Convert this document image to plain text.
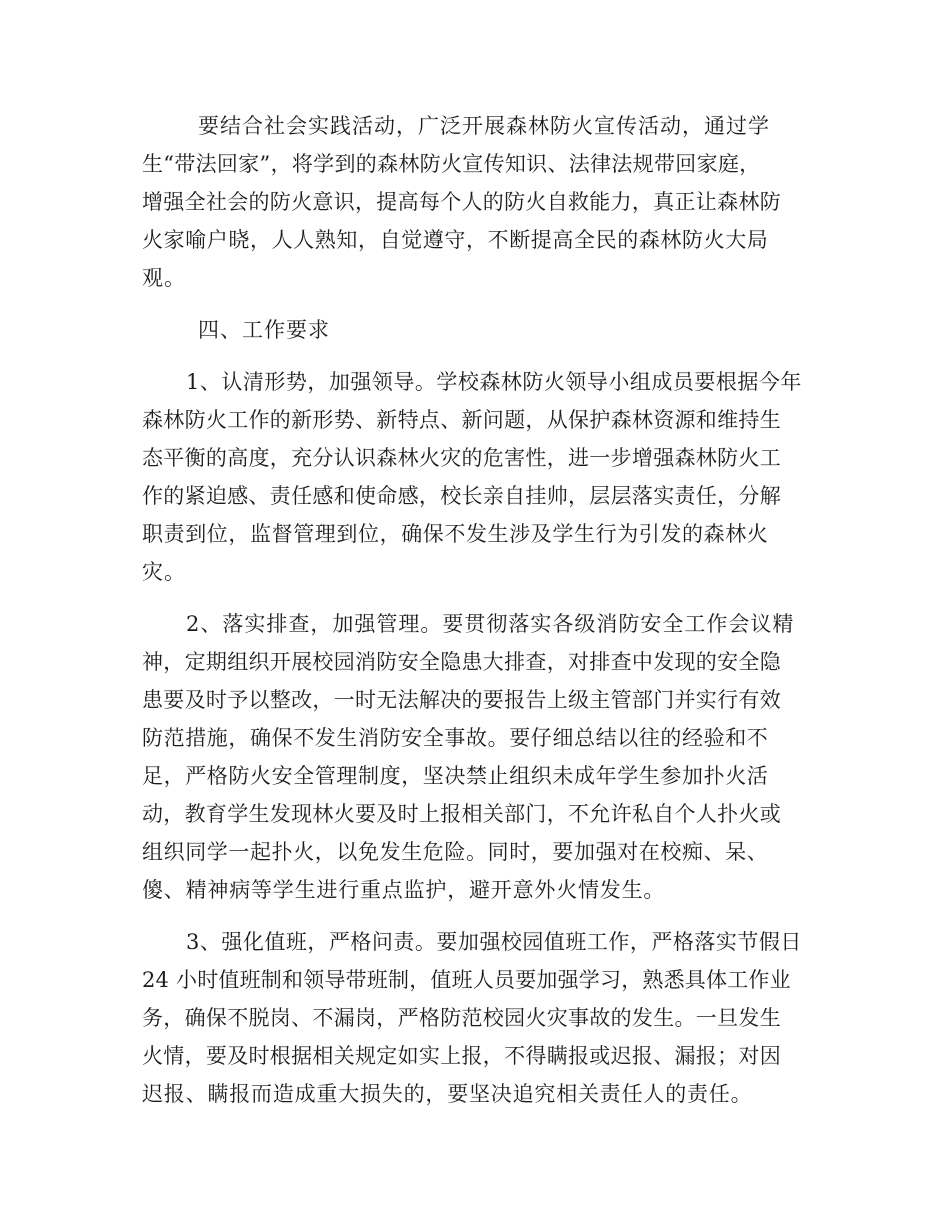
要结合社会实践活动，广泛开展森林防火宣传活动，通过学
生“带法回家”，将学到的森林防火宣传知识、法律法规带回家庭，
增强全社会的防火意识，提高每个人的防火自救能力，真正让森林防
火家喻户晓，人人熟知，自觉遵守，不断提高全民的森林防火大局
观。
四、工作要求
1、认清形势，加强领导。学校森林防火领导小组成员要根据今年
森林防火工作的新形势、新特点、新问题，从保护森林资源和维持生
态平衡的高度，充分认识森林火灾的危害性，进一步增强森林防火工
作的紧迫感、责任感和使命感，校长亲自挂帅，层层落实责任，分解
职责到位，监督管理到位，确保不发生涉及学生行为引发的森林火
灾。
2、落实排查，加强管理。要贯彻落实各级消防安全工作会议精
神，定期组织开展校园消防安全隐患大排查，对排查中发现的安全隐
患要及时予以整改，一时无法解决的要报告上级主管部门并实行有效
防范措施，确保不发生消防安全事故。要仔细总结以往的经验和不
足，严格防火安全管理制度，坚决禁止组织未成年学生参加扑火活
动，教育学生发现林火要及时上报相关部门，不允许私自个人扑火或
组织同学一起扑火，以免发生危险。同时，要加强对在校痴、呆、
傻、精神病等学生进行重点监护，避开意外火情发生。
3、强化值班，严格问责。要加强校园值班工作，严格落实节假日
24 小时值班制和领导带班制，值班人员要加强学习，熟悉具体工作业
务，确保不脱岗、不漏岗，严格防范校园火灾事故的发生。一旦发生
火情，要及时根据相关规定如实上报，不得瞒报或迟报、漏报；对因
迟报、瞒报而造成重大损失的，要坚决追究相关责任人的责任。
